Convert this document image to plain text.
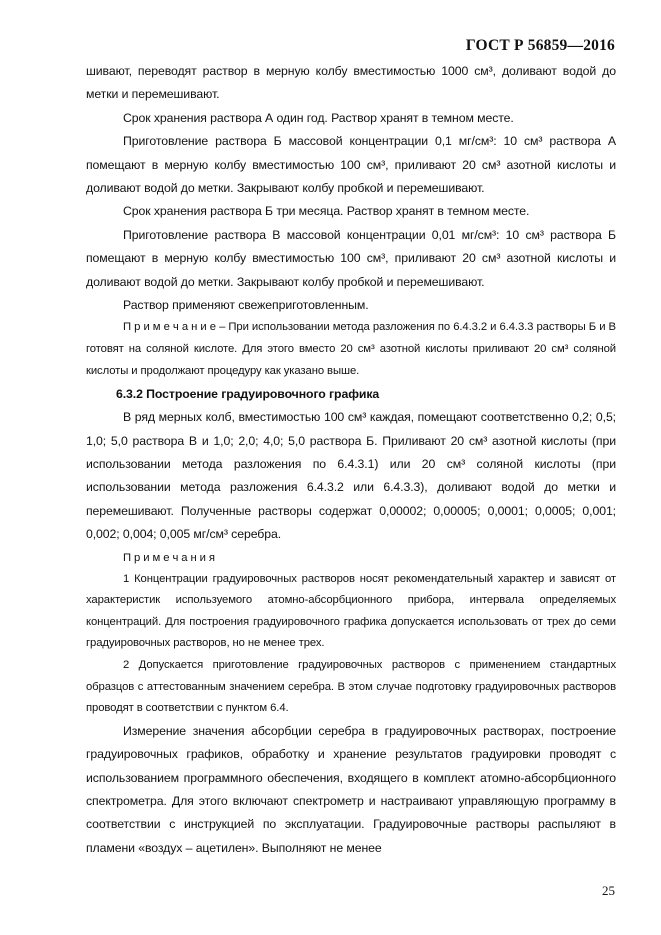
ГОСТ Р 56859—2016

шивают, переводят раствор в мерную колбу вместимостью 1000 см³, доливают водой до метки и перемешивают.

Срок хранения раствора А один год. Раствор хранят в темном месте.

Приготовление раствора Б массовой концентрации 0,1 мг/см³: 10 см³ раствора А помещают в мерную колбу вместимостью 100 см³, приливают 20 см³ азотной кислоты и доливают водой до метки. Закрывают колбу пробкой и перемешивают.

Срок хранения раствора Б три месяца. Раствор хранят в темном месте.

Приготовление раствора В массовой концентрации 0,01 мг/см³: 10 см³ раствора Б помещают в мерную колбу вместимостью 100 см³, приливают 20 см³ азотной кислоты и доливают водой до метки. Закрывают колбу пробкой и перемешивают.

Раствор применяют свежеприготовленным.

П р и м е ч а н и е – При использовании метода разложения по 6.4.3.2 и 6.4.3.3 растворы Б и В готовят на соляной кислоте. Для этого вместо 20 см³ азотной кислоты приливают 20 см³ соляной кислоты и продолжают процедуру как указано выше.

6.3.2 Построение градуировочного графика

В ряд мерных колб, вместимостью 100 см³ каждая, помещают соответственно 0,2; 0,5; 1,0; 5,0 раствора В и 1,0; 2,0; 4,0; 5,0 раствора Б. Приливают 20 см³ азотной кислоты (при использовании метода разложения по 6.4.3.1) или 20 см³ соляной кислоты (при использовании метода разложения 6.4.3.2 или 6.4.3.3), доливают водой до метки и перемешивают. Полученные растворы содержат 0,00002; 0,00005; 0,0001; 0,0005; 0,001; 0,002; 0,004; 0,005 мг/см³ серебра.

П р и м е ч а н и я

1 Концентрации градуировочных растворов носят рекомендательный характер и зависят от характеристик используемого атомно-абсорбционного прибора, интервала определяемых концентраций. Для построения градуировочного графика допускается использовать от трех до семи градуировочных растворов, но не менее трех.

2 Допускается приготовление градуировочных растворов с применением стандартных образцов с аттестованным значением серебра. В этом случае подготовку градуировочных растворов проводят в соответствии с пунктом 6.4.

Измерение значения абсорбции серебра в градуировочных растворах, построение градуировочных графиков, обработку и хранение результатов градуировки проводят с использованием программного обеспечения, входящего в комплект атомно-абсорбционного спектрометра. Для этого включают спектрометр и настраивают управляющую программу в соответствии с инструкцией по эксплуатации. Градуировочные растворы распыляют в пламени «воздух – ацетилен». Выполняют не менее

25
